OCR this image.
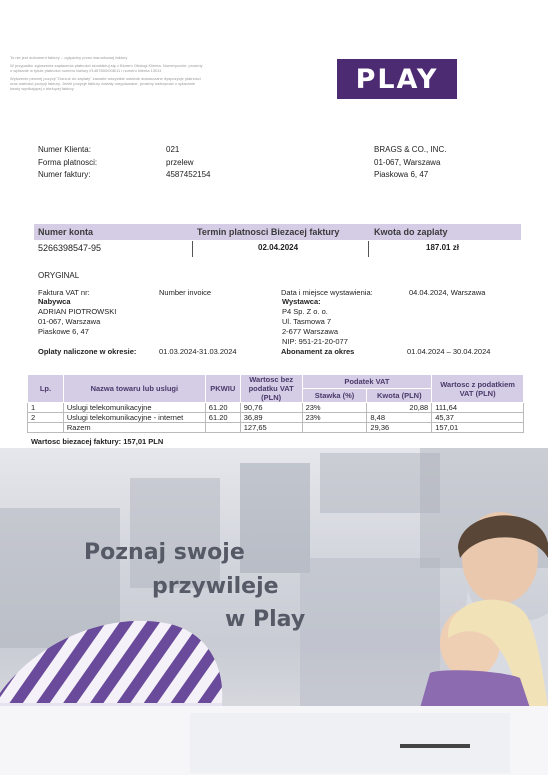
To nie jest dokument faktury – oględziny przez warunkowej faktury
W przypadku zgłoszenia zapłacenia płatności skontaktuj się z Biurem Obsługi Klienta. Numerycznie, prosimy
o wpisanie w tytule płatności numeru faktury f/1457800/008/11 i numeru klienta 13011
Wyłożenie pewnej pozycji "Dorzuć do zapłaty" zawarte wszystkie ostatnie dostarczane dyspozycje płatności
oraz wartości pozycji faktury. Jeżeli pozycje faktury zostały uregulowane, prosimy wstrzymać o spłacanie
kwoty wynikającej z bieżącej faktury	PLAY
Numer Klienta:	021
Forma platnosci:	przelew
Numer faktury:	4587452154
BRAGS & CO., INC.
01-067, Warszawa
Piaskowa 6, 47
Numer konta	Termin platnosci Biezacej faktury	Kwota do zaplaty
5266398547-95	02.04.2024	187.01 zł
ORYGINAL
Faktura VAT nr:	Number invoice	Data i miejsce wystawienia:	04.04.2024, Warszawa
Nabywca
ADRIAN PIOTROWSKI
01-067, Warszawa
Piaskowe 6, 47
Wystawca:
P4 Sp. Z o. o.
Ul. Tasmowa 7
2-677 Warszawa
NIP: 951-21-20-077
Oplaty naliczone w okresie:	01.03.2024-31.03.2024	Abonament za okres	01.04.2024 – 30.04.2024
Lp.	Nazwa towaru lub uslugi	PKWIU	Wartosc bez podatku VAT (PLN)	Podatek VAT		Wartosc z podatkiem VAT (PLN)
				Stawka (%)	Kwota (PLN)	
1	Uslugi telekomunikacyjne	61.20	90,76	23%	20,88	111,64
2	Uslugi telekomunikacyjne - internet	61.20	36,89	23%	8,48	45,37
	Razem		127,65		29,36	157,01
Wartosc biezacej faktury: 157,01 PLN
Poznaj swoje
przywileje
w Play
